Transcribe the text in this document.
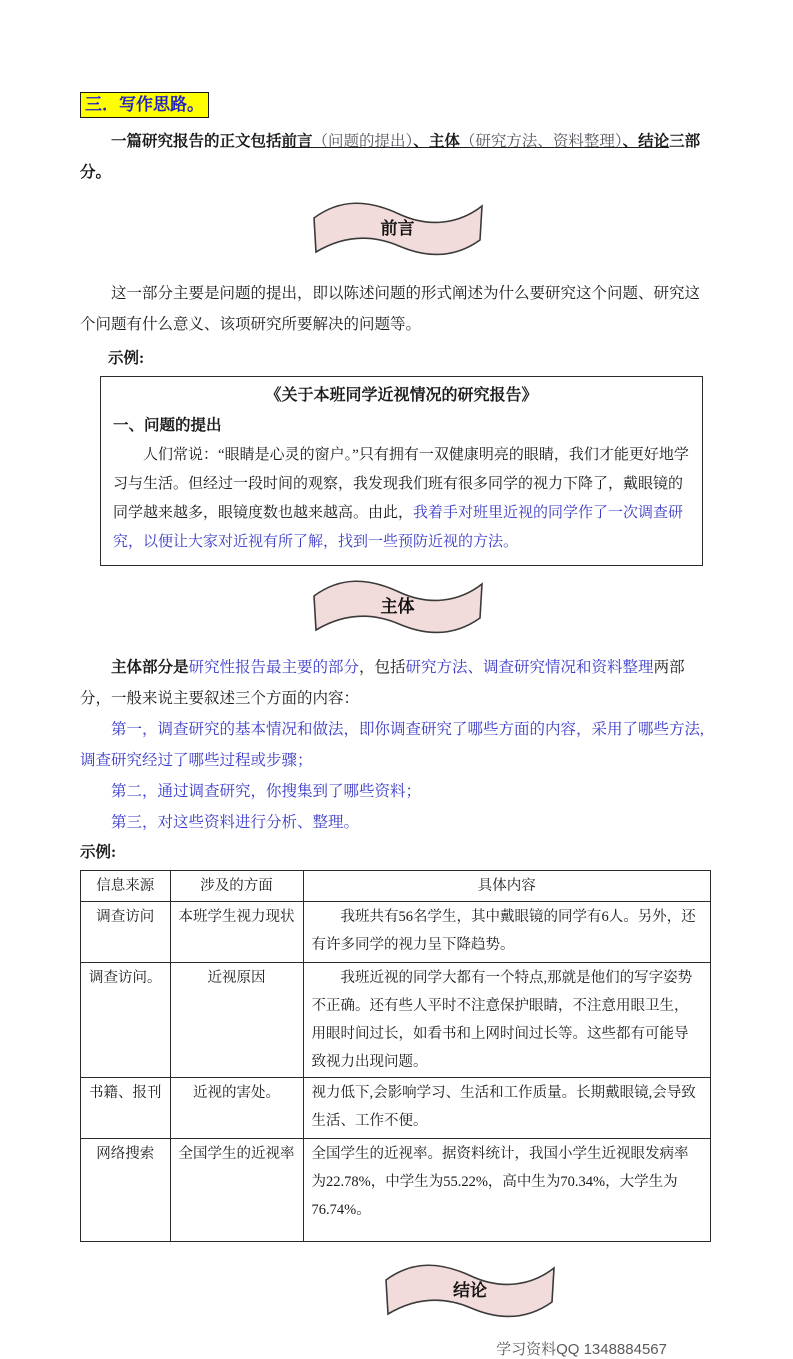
三．写作思路。

一篇研究报告的正文包括前言（问题的提出）、主体（研究方法、资料整理）、结论三部分。

前言

这一部分主要是问题的提出，即以陈述问题的形式阐述为什么要研究这个问题、研究这个问题有什么意义、该项研究所要解决的问题等。

示例:

《关于本班同学近视情况的研究报告》

一、问题的提出

人们常说：“眼睛是心灵的窗户。”只有拥有一双健康明亮的眼睛，我们才能更好地学习与生活。但经过一段时间的观察，我发现我们班有很多同学的视力下降了，戴眼镜的同学越来越多，眼镜度数也越来越高。由此，我着手对班里近视的同学作了一次调查研究，以便让大家对近视有所了解，找到一些预防近视的方法。

主体

主体部分是研究性报告最主要的部分，包括研究方法、调查研究情况和资料整理两部分，一般来说主要叙述三个方面的内容：

第一，调查研究的基本情况和做法，即你调查研究了哪些方面的内容，采用了哪些方法,调查研究经过了哪些过程或步骤；

第二，通过调查研究，你搜集到了哪些资料；

第三，对这些资料进行分析、整理。

示例:
信息来源	涉及的方面	具体内容
调查访问	本班学生视力现状	我班共有56名学生，其中戴眼镜的同学有6人。另外，还有许多同学的视力呈下降趋势。

调查访问。	近视原因	我班近视的同学大都有一个特点,那就是他们的写字姿势不正确。还有些人平时不注意保护眼睛，不注意用眼卫生，用眼时间过长，如看书和上网时间过长等。这些都有可能导致视力出现问题。

书籍、报刊	近视的害处。	视力低下,会影响学习、生活和工作质量。长期戴眼镜,会导致生活、工作不便。
网络搜索	全国学生的近视率	全国学生的近视率。据资料统计，我国小学生近视眼发病率为22.78%，中学生为55.22%，高中生为70.34%，大学生为76.74%。
结论
学习资料QQ 1348884567
